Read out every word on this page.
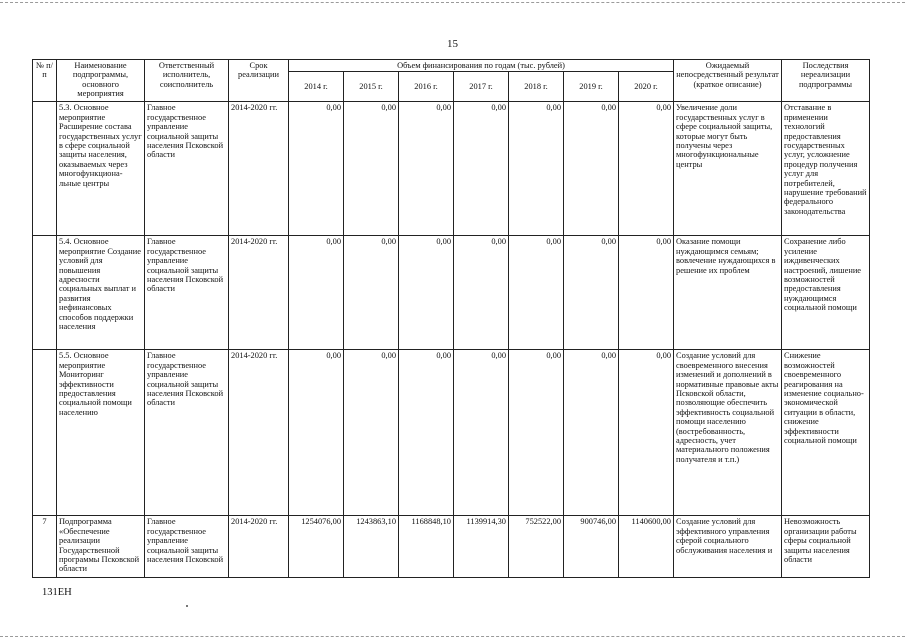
15
№ п/п	Наименование подпрограммы, основного мероприятия	Ответственный исполнитель, соисполнитель	Срок реализации	Объем финансирования по годам (тыс. рублей)							Ожидаемый непосредственный результат (краткое описание)	Последствия нереализации подпрограммы
				2014 г.	2015 г.	2016 г.	2017 г.	2018 г.	2019 г.	2020 г.		
	5.3. Основное мероприятие Расширение состава государственных услуг в сфере социальной защиты населения, оказываемых через многофункциона-льные центры	Главное государственное управление социальной защиты населения Псковской области	2014-2020 гг.	0,00	0,00	0,00	0,00	0,00	0,00	0,00	Увеличение доли государственных услуг в сфере социальной защиты, которые могут быть получены через многофункциональные центры	Отставание в применении технологий предоставления государственных услуг, усложнение процедур получения услуг для потребителей, нарушение требований федерального законодательства
	5.4. Основное мероприятие Создание условий для повышения адресности социальных выплат и развития нефинансовых способов поддержки населения	Главное государственное управление социальной защиты населения Псковской области	2014-2020 гг.	0,00	0,00	0,00	0,00	0,00	0,00	0,00	Оказание помощи нуждающимся семьям; вовлечение нуждающихся в решение их проблем	Сохранение либо усиление иждивенческих настроений, лишение возможностей предоставления нуждающимся социальной помощи
	5.5. Основное мероприятие Мониторинг эффективности предоставления социальной помощи населению	Главное государственное управление социальной защиты населения Псковской области	2014-2020 гг.	0,00	0,00	0,00	0,00	0,00	0,00	0,00	Создание условий для своевременного внесения изменений и дополнений в нормативные правовые акты Псковской области, позволяющие обеспечить эффективность социальной помощи населению (востребованность, адресность, учет материального положения получателя и т.п.)	Снижение возможностей своевременного реагирования на изменение социально-экономической ситуации в области, снижение эффективности социальной помощи
7	Подпрограмма «Обеспечение реализации Государственной программы Псковской области	Главное государственное управление социальной защиты населения Псковской	2014-2020 гг.	1254076,00	1243863,10	1168848,10	1139914,30	752522,00	900746,00	1140600,00	Создание условий для эффективного управления сферой социального обслуживания населения и	Невозможность организации работы сферы социальной защиты населения области
131ЕН
